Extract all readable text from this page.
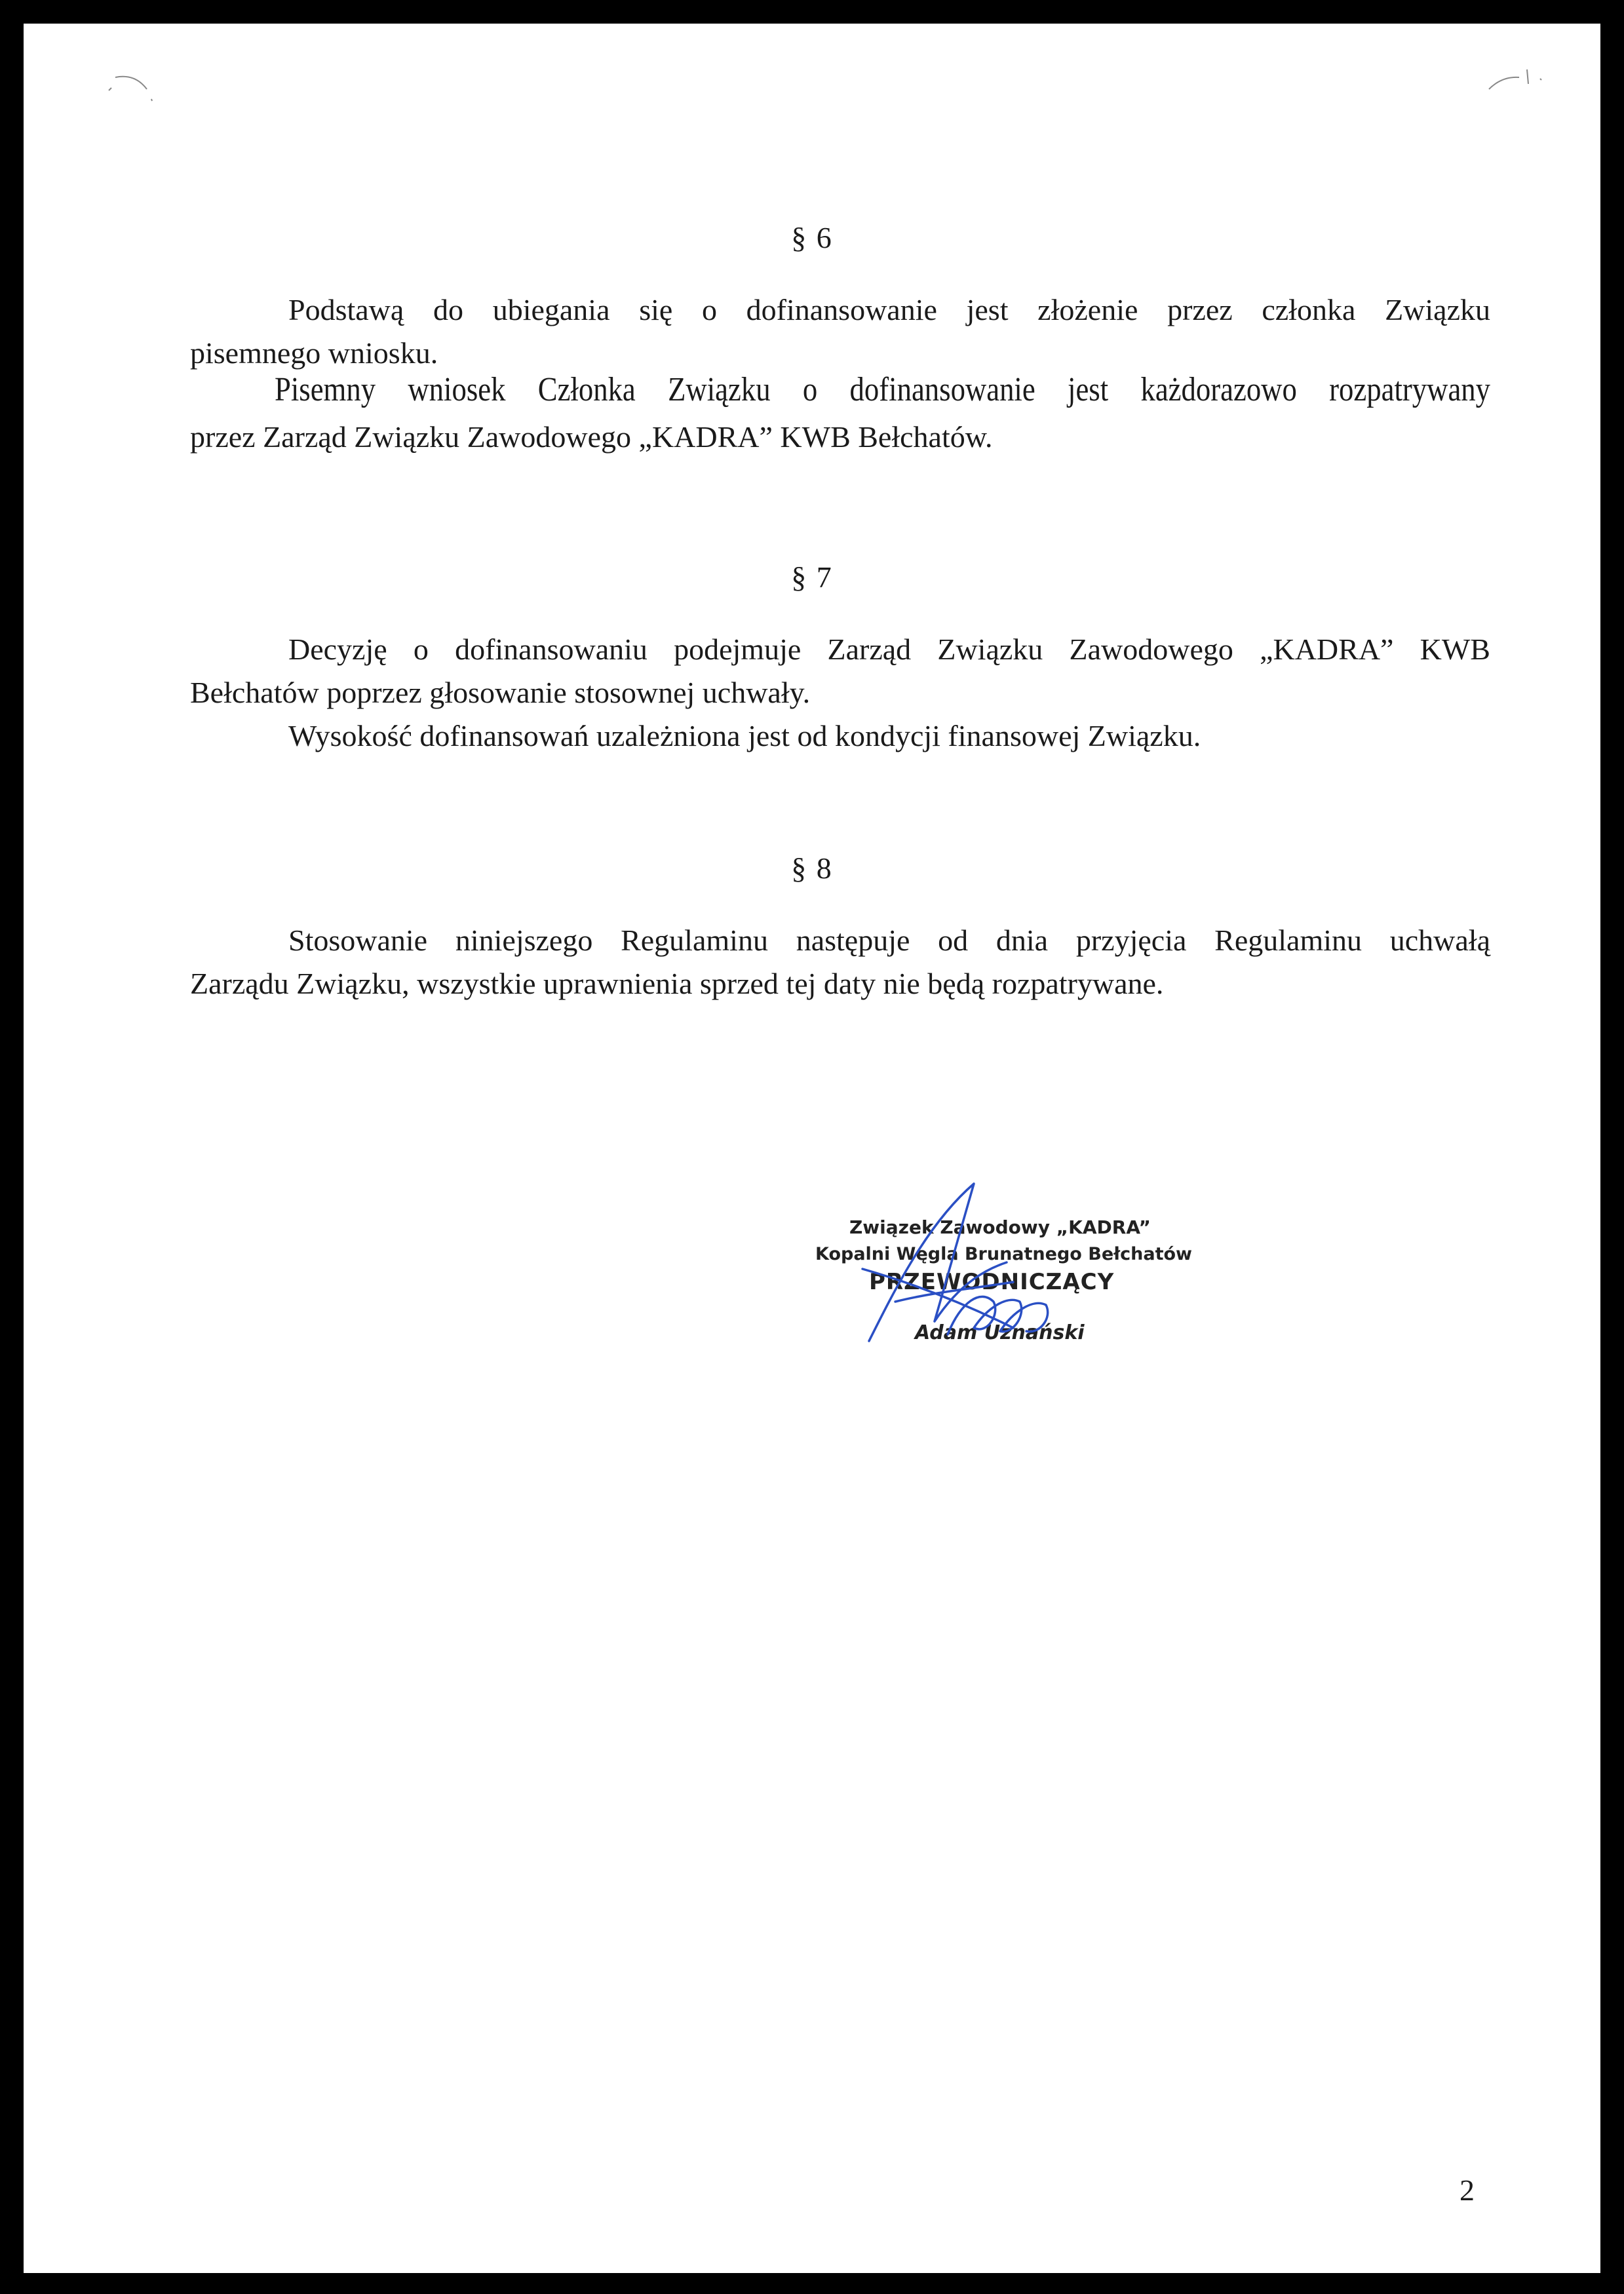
§ 6
Podstawą do ubiegania się o dofinansowanie jest złożenie przez członka Związku
pisemnego wniosku.
Pisemny wniosek Członka Związku o dofinansowanie jest każdorazowo rozpatrywany
przez Zarząd Związku Zawodowego „KADRA” KWB Bełchatów.
§ 7
Decyzję o dofinansowaniu podejmuje Zarząd Związku Zawodowego „KADRA” KWB
Bełchatów poprzez głosowanie stosownej uchwały.
Wysokość dofinansowań uzależniona jest od kondycji finansowej Związku.
§ 8
Stosowanie niniejszego Regulaminu następuje od dnia przyjęcia Regulaminu uchwałą
Zarządu Związku, wszystkie uprawnienia sprzed tej daty nie będą rozpatrywane.
Związek Zawodowy „KADRA”
Kopalni Węgla Brunatnego Bełchatów
PRZEWODNICZĄCY
Adam Uznański
2
